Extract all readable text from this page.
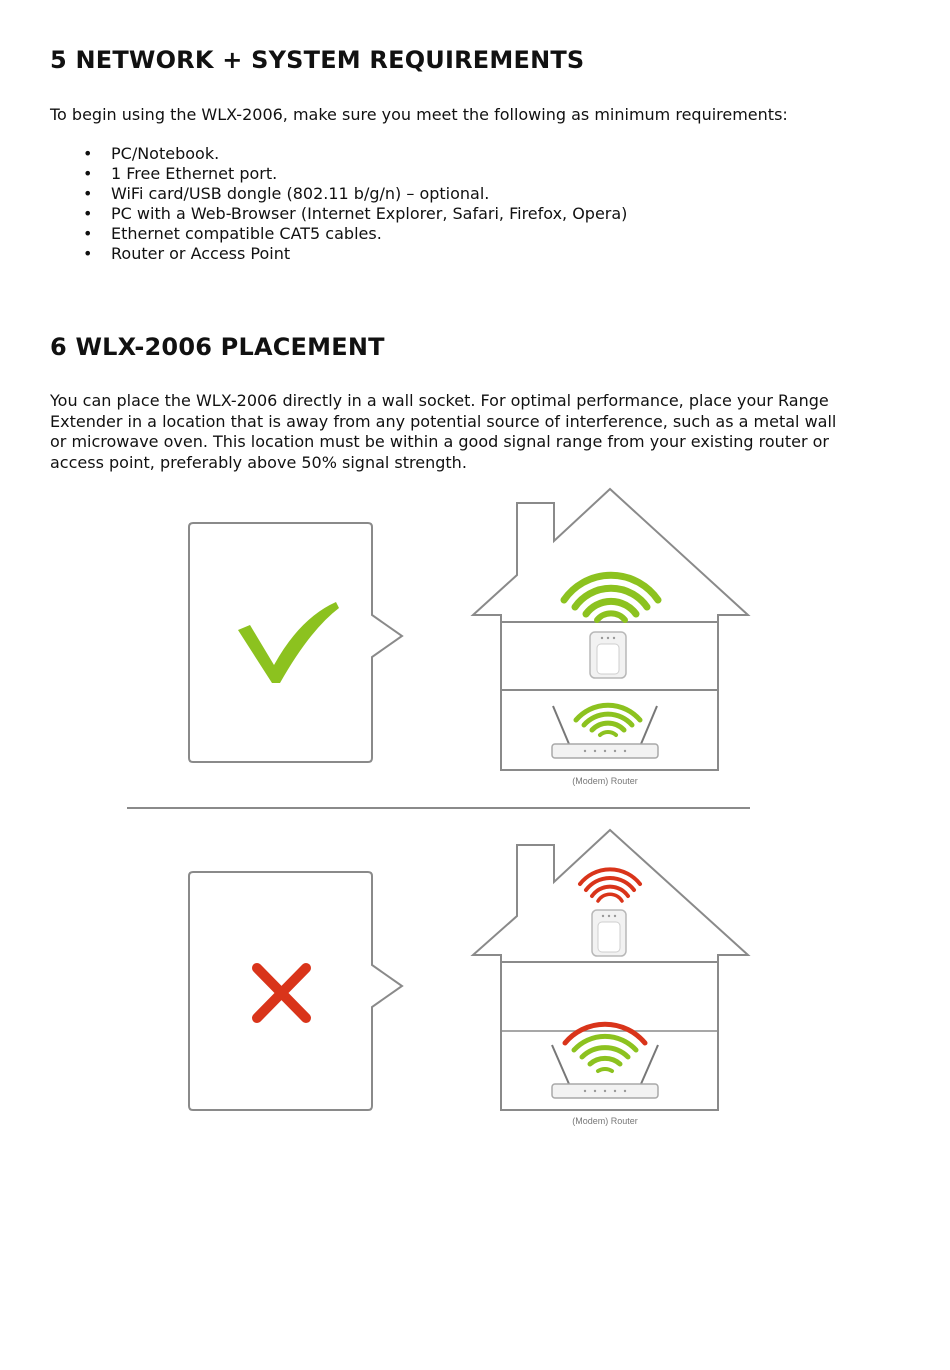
5 NETWORK + SYSTEM REQUIREMENTS

To begin using the WLX-2006, make sure you meet the following as minimum requirements:

• PC/Notebook.
• 1 Free Ethernet port.
• WiFi card/USB dongle (802.11 b/g/n) – optional.
• PC with a Web-Browser (Internet Explorer, Safari, Firefox, Opera)
• Ethernet compatible CAT5 cables.
• Router or Access Point
6 WLX-2006 PLACEMENT

You can place the WLX-2006 directly in a wall socket. For optimal performance, place your Range Extender in a location that is away from any potential source of interference, such as a metal wall or microwave oven. This location must be within a good signal range from your existing router or access point, preferably above 50% signal strength.

(Modem) Router
(Modem) Router
